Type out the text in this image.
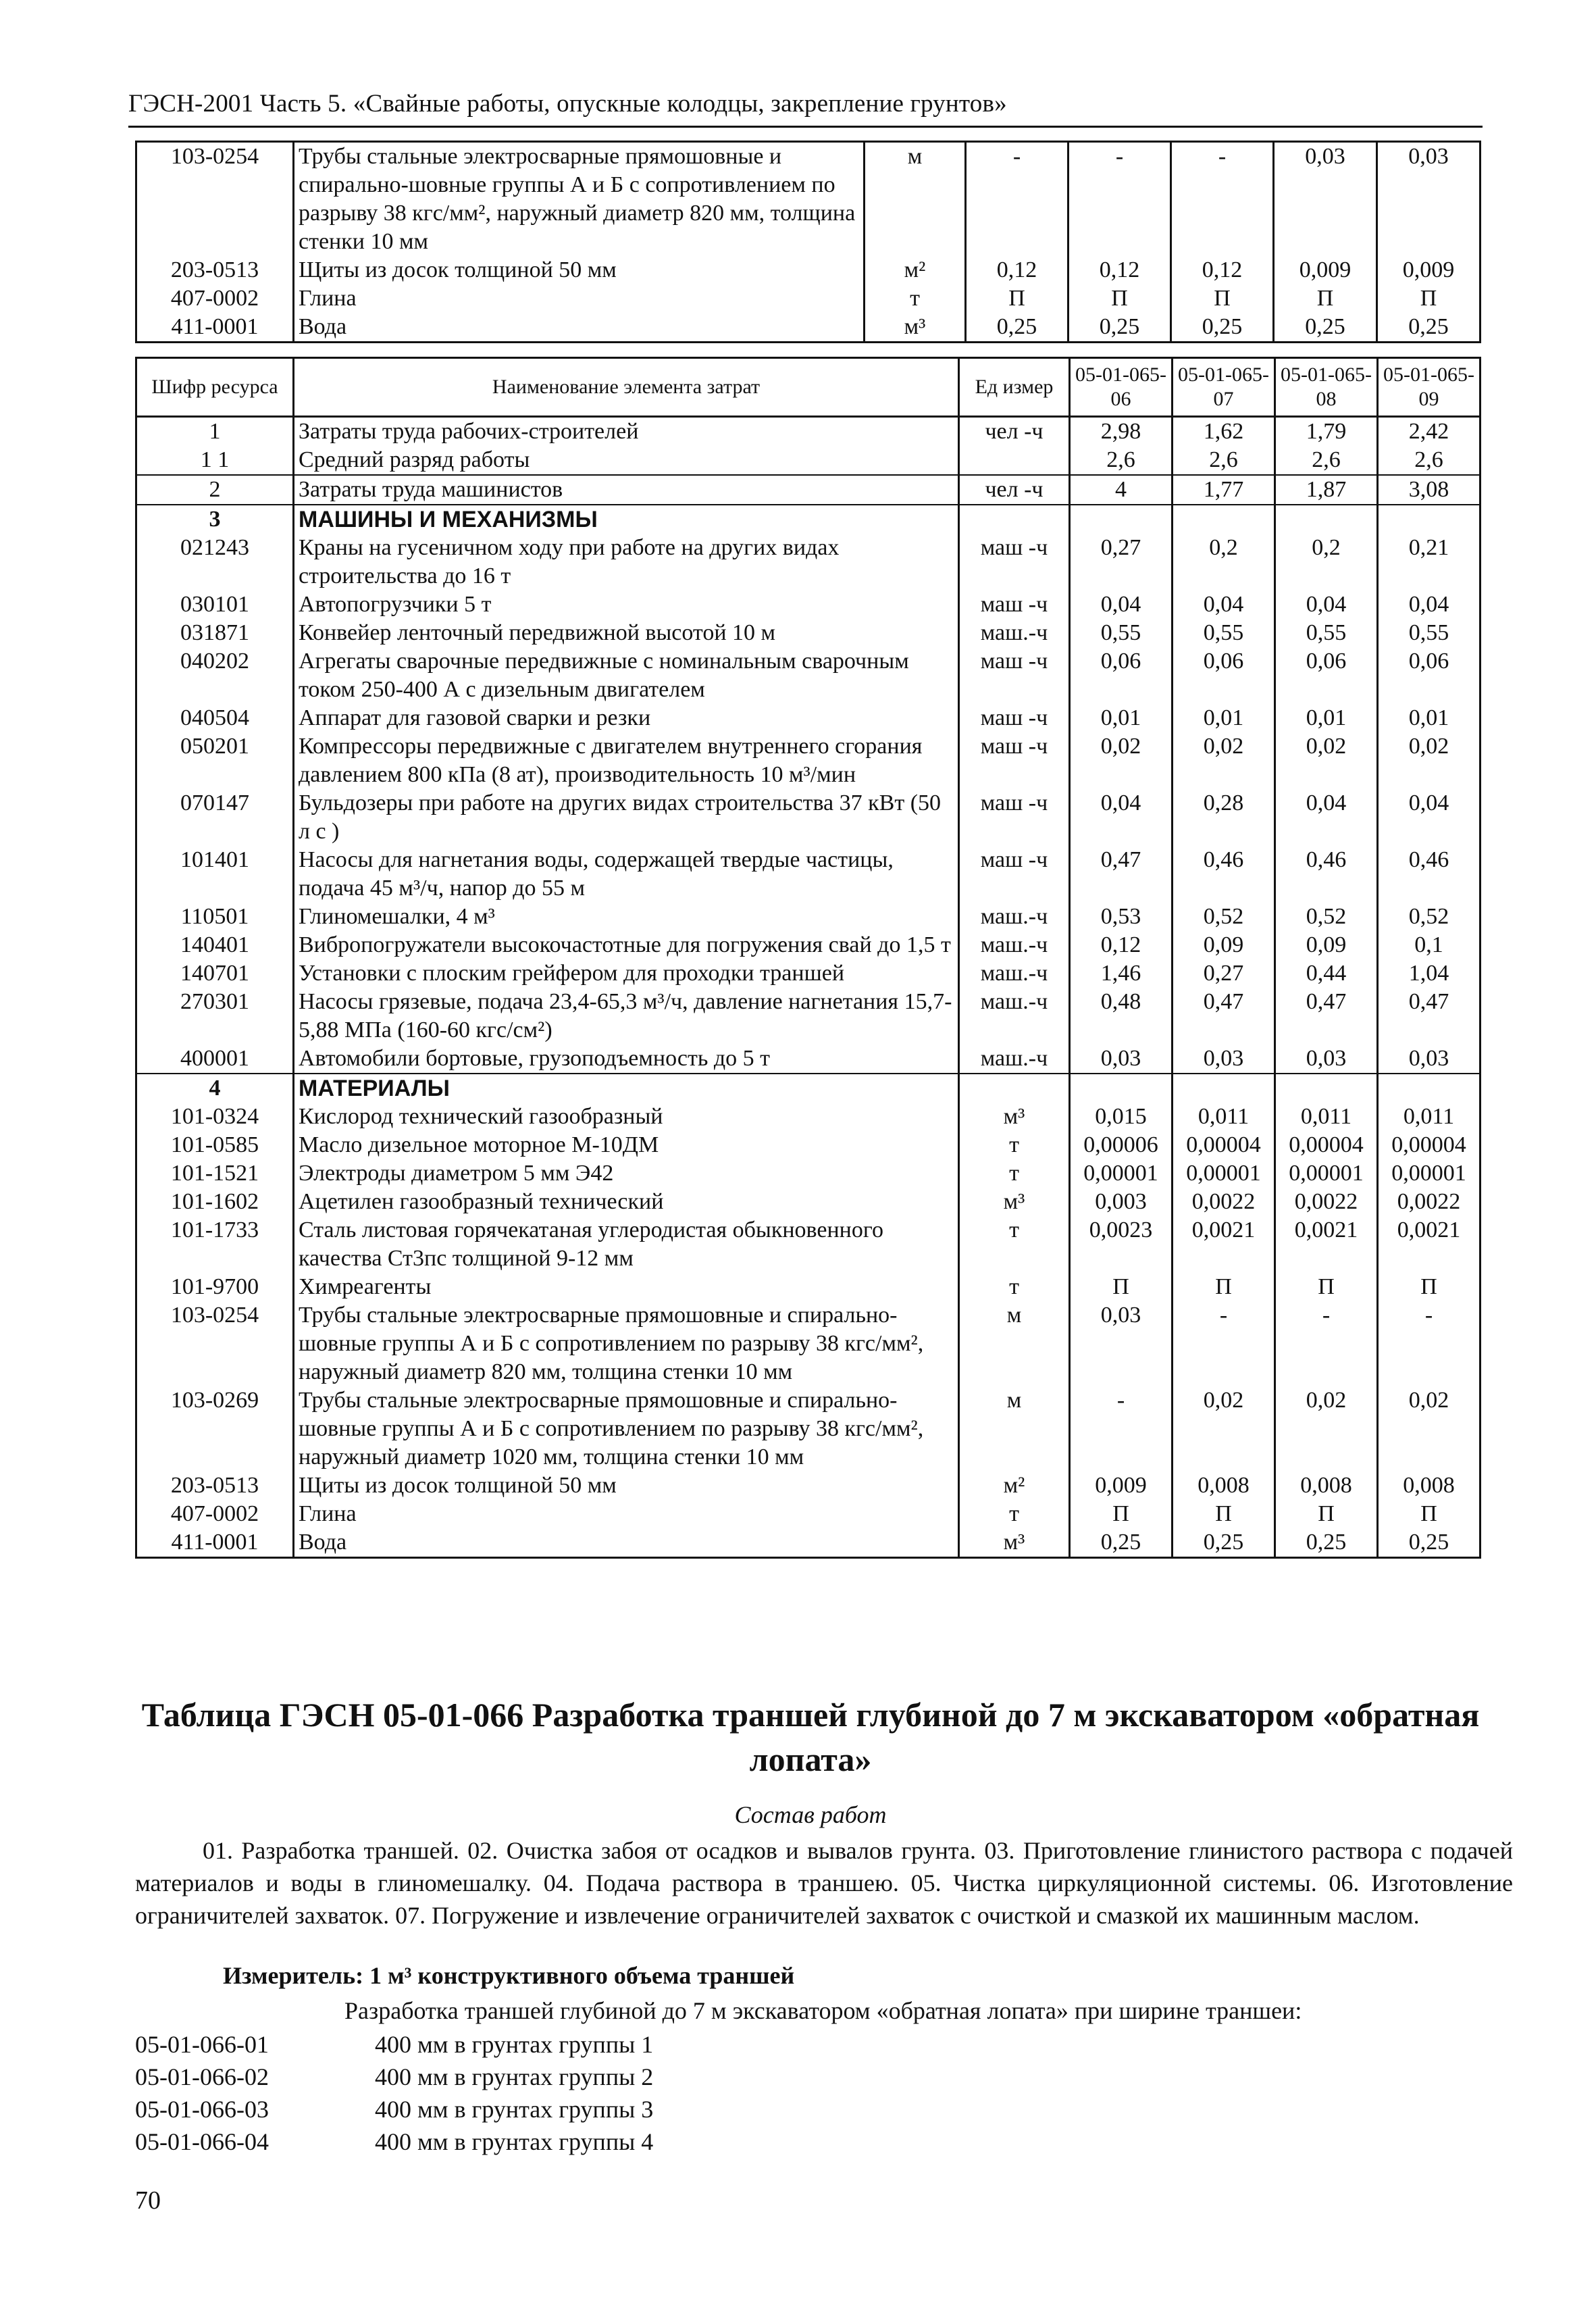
ГЭСН-2001 Часть 5. «Свайные работы, опускные колодцы, закрепление грунтов»
103-0254	Трубы стальные электросварные прямошовные и спирально-шовные группы А и Б с сопротивлением по разрыву 38 кгс/мм², наружный диаметр 820 мм, толщина стенки 10 мм	м	-	-	-	0,03	0,03
203-0513	Щиты из досок толщиной 50 мм	м²	0,12	0,12	0,12	0,009	0,009
407-0002	Глина	т	П	П	П	П	П
411-0001	Вода	м³	0,25	0,25	0,25	0,25	0,25
Шифр ресурса	Наименование элемента затрат	Ед измер	05-01-065-06	05-01-065-07	05-01-065-08	05-01-065-09
1	Затраты труда рабочих-строителей	чел -ч	2,98	1,62	1,79	2,42
1 1	Средний разряд работы		2,6	2,6	2,6	2,6
2	Затраты труда машинистов	чел -ч	4	1,77	1,87	3,08
3	МАШИНЫ И МЕХАНИЗМЫ					
021243	Краны на гусеничном ходу при работе на других видах строительства до 16 т	маш -ч	0,27	0,2	0,2	0,21
030101	Автопогрузчики 5 т	маш -ч	0,04	0,04	0,04	0,04
031871	Конвейер ленточный передвижной высотой 10 м	маш.-ч	0,55	0,55	0,55	0,55
040202	Агрегаты сварочные передвижные с номинальным сварочным током 250-400 А с дизельным двигателем	маш -ч	0,06	0,06	0,06	0,06
040504	Аппарат для газовой сварки и резки	маш -ч	0,01	0,01	0,01	0,01
050201	Компрессоры передвижные с двигателем внутреннего сгорания давлением 800 кПа (8 ат), производительность 10 м³/мин	маш -ч	0,02	0,02	0,02	0,02
070147	Бульдозеры при работе на других видах строительства 37 кВт (50 л с )	маш -ч	0,04	0,28	0,04	0,04
101401	Насосы для нагнетания воды, содержащей твердые частицы, подача 45 м³/ч, напор до 55 м	маш -ч	0,47	0,46	0,46	0,46
110501	Глиномешалки, 4 м³	маш.-ч	0,53	0,52	0,52	0,52
140401	Вибропогружатели высокочастотные для погружения свай до 1,5 т	маш.-ч	0,12	0,09	0,09	0,1
140701	Установки с плоским грейфером для проходки траншей	маш.-ч	1,46	0,27	0,44	1,04
270301	Насосы грязевые, подача 23,4-65,3 м³/ч, давление нагнетания 15,7-5,88 МПа (160-60 кгс/см²)	маш.-ч	0,48	0,47	0,47	0,47
400001	Автомобили бортовые, грузоподъемность до 5 т	маш.-ч	0,03	0,03	0,03	0,03
4	МАТЕРИАЛЫ					
101-0324	Кислород технический газообразный	м³	0,015	0,011	0,011	0,011
101-0585	Масло дизельное моторное М-10ДМ	т	0,00006	0,00004	0,00004	0,00004
101-1521	Электроды диаметром 5 мм Э42	т	0,00001	0,00001	0,00001	0,00001
101-1602	Ацетилен газообразный технический	м³	0,003	0,0022	0,0022	0,0022
101-1733	Сталь листовая горячекатаная углеродистая обыкновенного качества Ст3пс толщиной 9-12 мм	т	0,0023	0,0021	0,0021	0,0021
101-9700	Химреагенты	т	П	П	П	П
103-0254	Трубы стальные электросварные прямошовные и спирально-шовные группы А и Б с сопротивлением по разрыву 38 кгс/мм², наружный диаметр 820 мм, толщина стенки 10 мм	м	0,03	-	-	-
103-0269	Трубы стальные электросварные прямошовные и спирально-шовные группы А и Б с сопротивлением по разрыву 38 кгс/мм², наружный диаметр 1020 мм, толщина стенки 10 мм	м	-	0,02	0,02	0,02
203-0513	Щиты из досок толщиной 50 мм	м²	0,009	0,008	0,008	0,008
407-0002	Глина	т	П	П	П	П
411-0001	Вода	м³	0,25	0,25	0,25	0,25
Таблица ГЭСН 05-01-066 Разработка траншей глубиной до 7 м экскаватором «обратная лопата»
Состав работ
01. Разработка траншей. 02. Очистка забоя от осадков и вывалов грунта. 03. Приготовление глинистого раствора с подачей материалов и воды в глиномешалку. 04. Подача раствора в траншею. 05. Чистка циркуляционной системы. 06. Изготовление ограничителей захваток. 07. Погружение и извлечение ограничителей захваток с очисткой и смазкой их машинным маслом.
Измеритель: 1 м³ конструктивного объема траншей
Разработка траншей глубиной до 7 м экскаватором «обратная лопата» при ширине траншеи:
05-01-066-01	400 мм в грунтах группы 1
05-01-066-02	400 мм в грунтах группы 2
05-01-066-03	400 мм в грунтах группы 3
05-01-066-04	400 мм в грунтах группы 4
70
